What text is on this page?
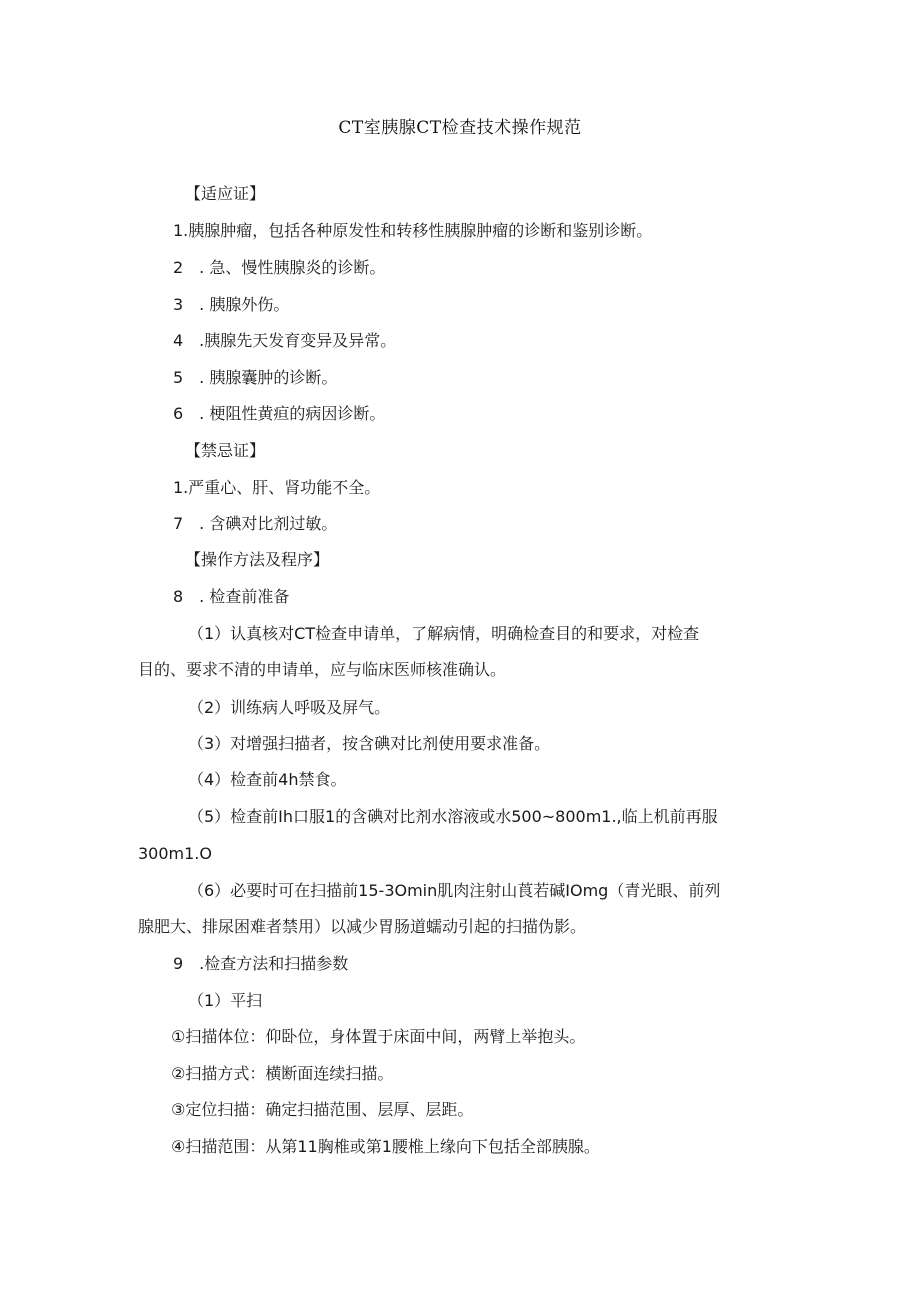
CT室胰腺CT检查技术操作规范
【适应证】
1.胰腺肿瘤，包括各种原发性和转移性胰腺肿瘤的诊断和鉴别诊断。
2　. 急、慢性胰腺炎的诊断。
3　. 胰腺外伤。
4　.胰腺先天发育变异及异常。
5　. 胰腺囊肿的诊断。
6　. 梗阻性黄疸的病因诊断。
【禁忌证】
1.严重心、肝、肾功能不全。
7　. 含碘对比剂过敏。
【操作方法及程序】
8　. 检查前准备
（1）认真核对CT检查申请单，了解病情，明确检查目的和要求，对检查
目的、要求不清的申请单，应与临床医师核准确认。
（2）训练病人呼吸及屏气。
（3）对增强扫描者，按含碘对比剂使用要求准备。
（4）检查前4h禁食。
（5）检查前Ih口服1的含碘对比剂水溶液或水500~800m1.,临上机前再服
300m1.O
（6）必要时可在扫描前15-3Omin肌肉注射山莨若碱IOmg（青光眼、前列
腺肥大、排尿困难者禁用）以减少胃肠道蠕动引起的扫描伪影。
9　.检查方法和扫描参数
（1）平扫
①扫描体位：仰卧位，身体置于床面中间，两臂上举抱头。
②扫描方式：横断面连续扫描。
③定位扫描：确定扫描范围、层厚、层距。
④扫描范围：从第11胸椎或第1腰椎上缘向下包括全部胰腺。
